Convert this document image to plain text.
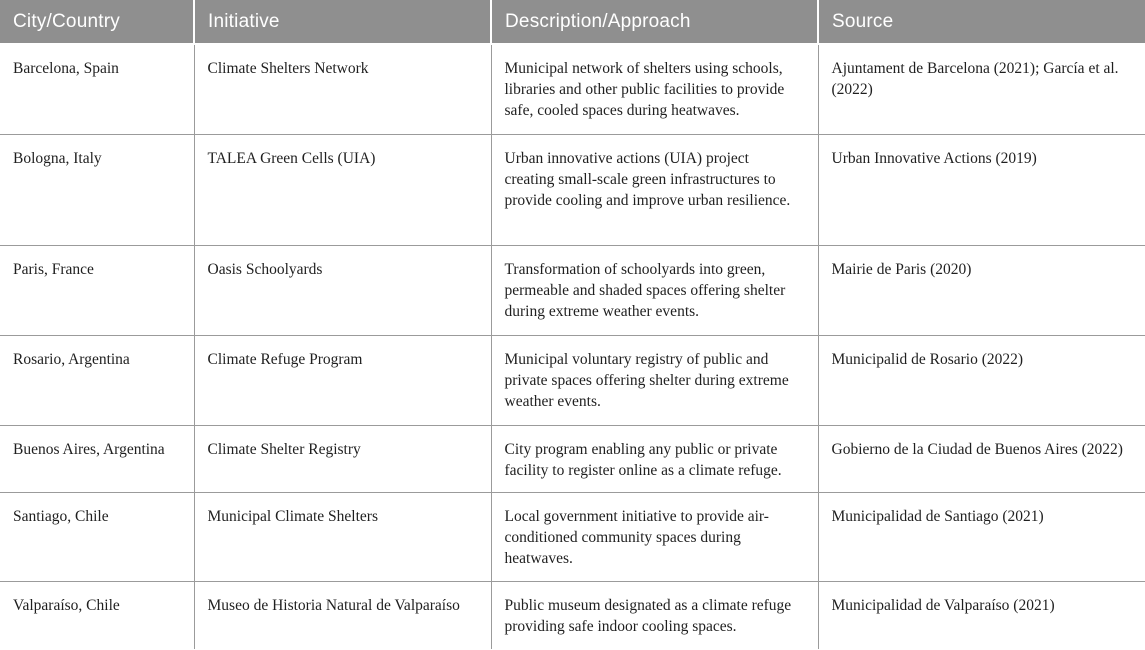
City/Country	Initiative	Description/Approach	Source
Barcelona, Spain	Climate Shelters Network	Municipal network of shelters using schools, libraries and other public facilities to provide safe, cooled spaces during heatwaves.	Ajuntament de Barcelona (2021); García et al. (2022)
Bologna, Italy	TALEA Green Cells (UIA)	Urban innovative actions (UIA) project creating small-scale green infrastructures to provide cooling and improve urban resilience.	Urban Innovative Actions (2019)
Paris, France	Oasis Schoolyards	Transformation of schoolyards into green, permeable and shaded spaces offering shelter during extreme weather events.	Mairie de Paris (2020)
Rosario, Argentina	Climate Refuge Program	Municipal voluntary registry of public and private spaces offering shelter during extreme weather events.	Municipalid de Rosario (2022)
Buenos Aires, Argentina	Climate Shelter Registry	City program enabling any public or private facility to register online as a climate refuge.	Gobierno de la Ciudad de Buenos Aires (2022)
Santiago, Chile	Municipal Climate Shelters	Local government initiative to provide air-conditioned community spaces during heatwaves.	Municipalidad de Santiago (2021)
Valparaíso, Chile	Museo de Historia Natural de Valparaíso	Public museum designated as a climate refuge providing safe indoor cooling spaces.	Municipalidad de Valparaíso (2021)
